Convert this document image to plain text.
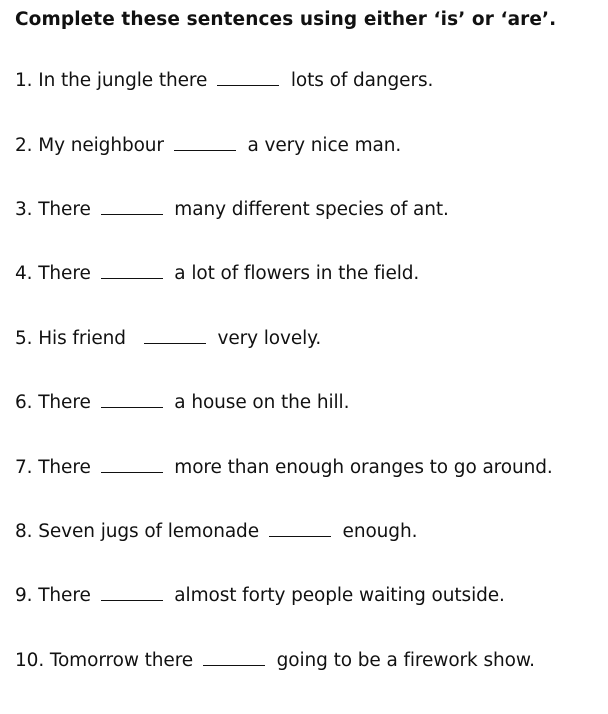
Complete these sentences using either ‘is’ or ‘are’.
1. In the jungle there	lots of dangers.
2. My neighbour	a very nice man.
3. There	many different species of ant.
4. There	a lot of flowers in the field.
5. His friend	very lovely.
6. There	a house on the hill.
7. There	more than enough oranges to go around.
8. Seven jugs of lemonade	enough.
9. There	almost forty people waiting outside.
10. Tomorrow there	going to be a firework show.
